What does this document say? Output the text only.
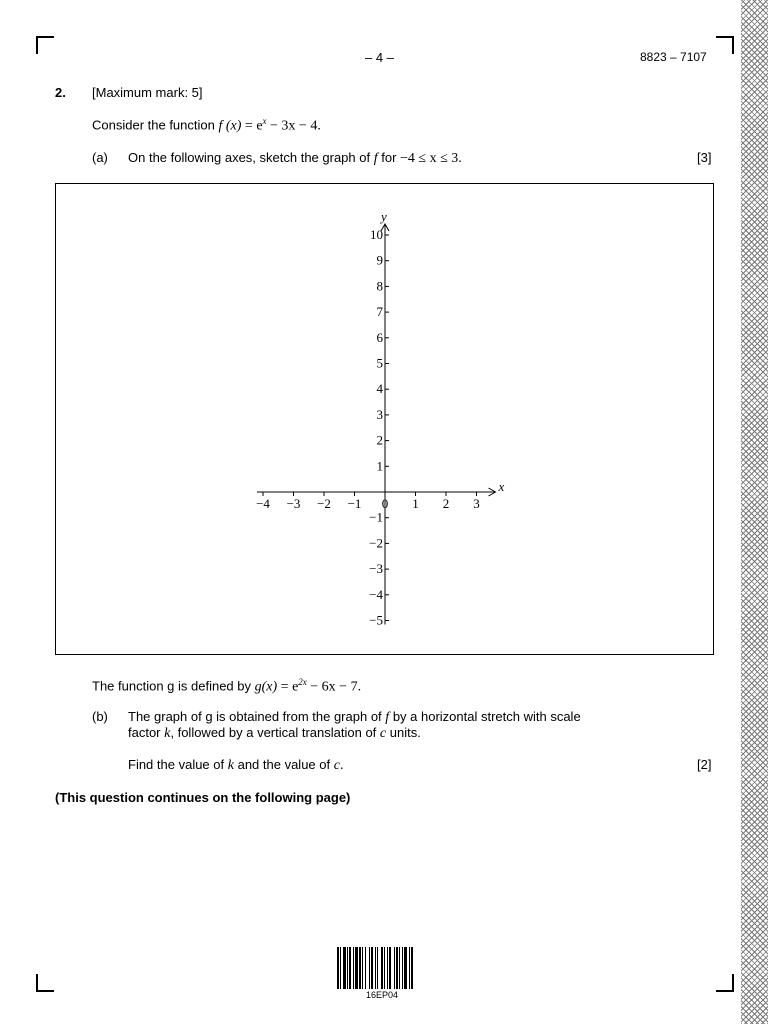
– 4 –	8823 – 7107
2. [Maximum mark: 5]
Consider the function f $(x) = e^x - 3x - 4$.
(a) On the following axes, sketch the graph of f for −4 ≤ x ≤ 3.	[3]
x
y
−4 −3 −2 −1 0 1 2 3
10
9
8
7
6
5
4
3
2
1
−1
−2
−3
−4
−5
The function g is defined by $g(x) = e^{2x} - 6x - 7$.
(b) The graph of g is obtained from the graph of f by a horizontal stretch with scale
factor k, followed by a vertical translation of c units.
Find the value of k and the value of c.	[2]
(This question continues on the following page)
16EP04
